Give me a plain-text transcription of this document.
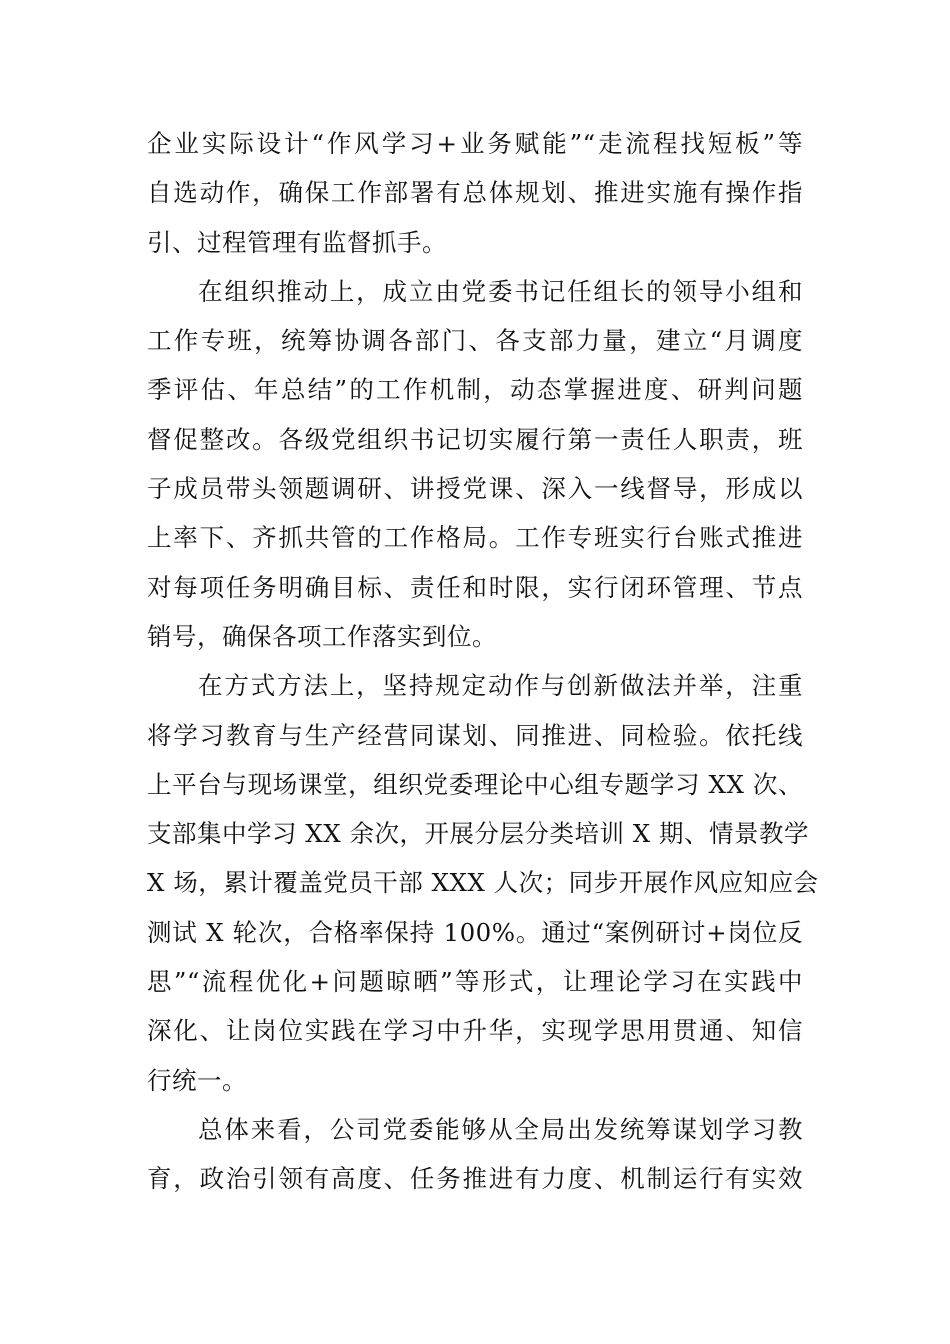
企业实际设计“作风学习+业务赋能”“走流程找短板”等
自选动作，确保工作部署有总体规划、推进实施有操作指
引、过程管理有监督抓手。
在组织推动上，成立由党委书记任组长的领导小组和
工作专班，统筹协调各部门、各支部力量，建立“月调度
季评估、年总结”的工作机制，动态掌握进度、研判问题
督促整改。各级党组织书记切实履行第一责任人职责，班
子成员带头领题调研、讲授党课、深入一线督导，形成以
上率下、齐抓共管的工作格局。工作专班实行台账式推进
对每项任务明确目标、责任和时限，实行闭环管理、节点
销号，确保各项工作落实到位。
在方式方法上，坚持规定动作与创新做法并举，注重
将学习教育与生产经营同谋划、同推进、同检验。依托线
上平台与现场课堂，组织党委理论中心组专题学习 XX 次、
支部集中学习 XX 余次，开展分层分类培训 X 期、情景教学
X 场，累计覆盖党员干部 XXX 人次；同步开展作风应知应会
测试 X 轮次，合格率保持 100%。通过“案例研讨+岗位反
思”“流程优化+问题晾晒”等形式，让理论学习在实践中
深化、让岗位实践在学习中升华，实现学思用贯通、知信
行统一。
总体来看，公司党委能够从全局出发统筹谋划学习教
育，政治引领有高度、任务推进有力度、机制运行有实效
